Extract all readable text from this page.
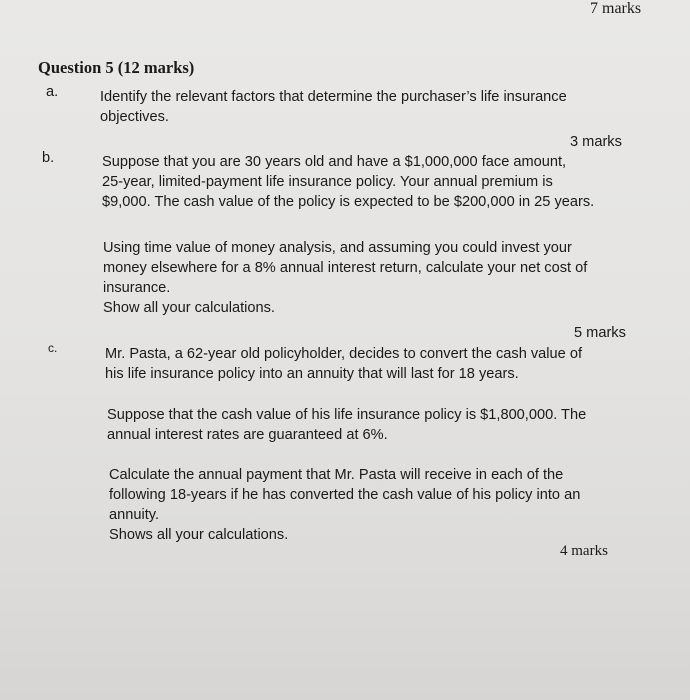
7 marks
Question 5 (12 marks)
a.	Identify the relevant factors that determine the purchaser’s life insurance
objectives.
3 marks
b.	Suppose that you are 30 years old and have a $1,000,000 face amount,
25-year, limited-payment life insurance policy. Your annual premium is
$9,000. The cash value of the policy is expected to be $200,000 in 25 years.
Using time value of money analysis, and assuming you could invest your
money elsewhere for a 8% annual interest return, calculate your net cost of
insurance.
Show all your calculations.
5 marks
c.	Mr. Pasta, a 62-year old policyholder, decides to convert the cash value of
his life insurance policy into an annuity that will last for 18 years.
Suppose that the cash value of his life insurance policy is $1,800,000. The
annual interest rates are guaranteed at 6%.
Calculate the annual payment that Mr. Pasta will receive in each of the
following 18-years if he has converted the cash value of his policy into an
annuity.
Shows all your calculations.
4 marks
